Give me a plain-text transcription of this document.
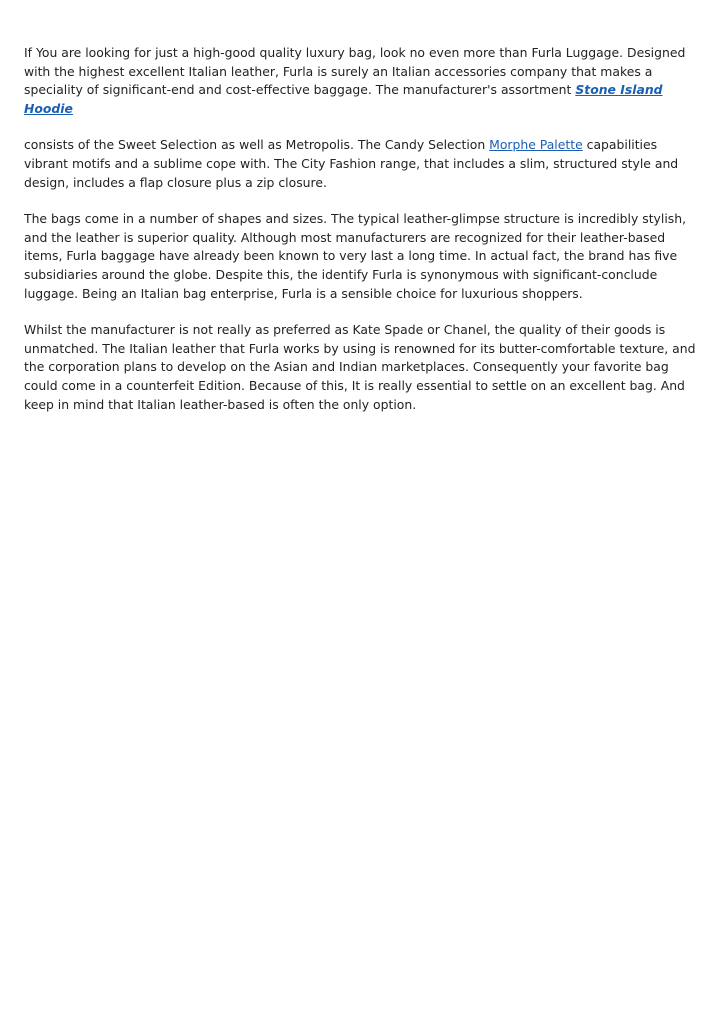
If You are looking for just a high-good quality luxury bag, look no even more than Furla Luggage. Designed with the highest excellent Italian leather, Furla is surely an Italian accessories company that makes a speciality of significant-end and cost-effective baggage. The manufacturer's assortment Stone Island Hoodie

consists of the Sweet Selection as well as Metropolis. The Candy Selection Morphe Palette capabilities vibrant motifs and a sublime cope with. The City Fashion range, that includes a slim, structured style and design, includes a flap closure plus a zip closure.

The bags come in a number of shapes and sizes. The typical leather-glimpse structure is incredibly stylish, and the leather is superior quality. Although most manufacturers are recognized for their leather-based items, Furla baggage have already been known to very last a long time. In actual fact, the brand has five subsidiaries around the globe. Despite this, the identify Furla is synonymous with significant-conclude luggage. Being an Italian bag enterprise, Furla is a sensible choice for luxurious shoppers.

Whilst the manufacturer is not really as preferred as Kate Spade or Chanel, the quality of their goods is unmatched. The Italian leather that Furla works by using is renowned for its butter-comfortable texture, and the corporation plans to develop on the Asian and Indian marketplaces. Consequently your favorite bag could come in a counterfeit Edition. Because of this, It is really essential to settle on an excellent bag. And keep in mind that Italian leather-based is often the only option.
